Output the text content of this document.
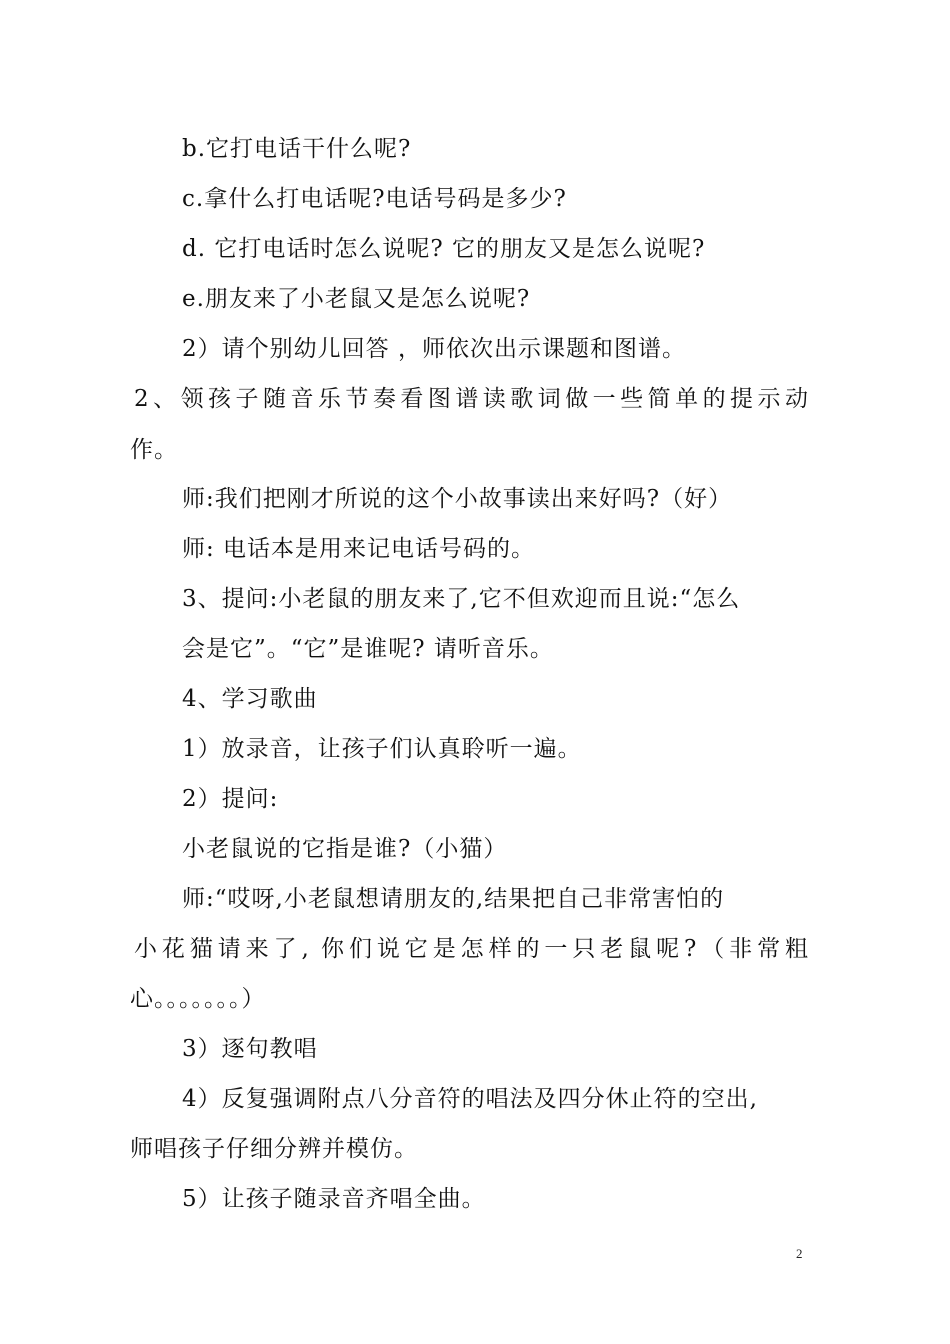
b.它打电话干什么呢?
c.拿什么打电话呢?电话号码是多少?
d. 它打电话时怎么说呢? 它的朋友又是怎么说呢?
e.朋友来了小老鼠又是怎么说呢?
2）请个别幼儿回答 ，师依次出示课题和图谱。
2、领孩子随音乐节奏看图谱读歌词做一些简单的提示动
作。
师:我们把刚才所说的这个小故事读出来好吗?（好）
师: 电话本是用来记电话号码的。
3、提问:小老鼠的朋友来了,它不但欢迎而且说:“怎么
会是它”。“它”是谁呢? 请听音乐。
4、学习歌曲
1）放录音，让孩子们认真聆听一遍。
2）提问:
小老鼠说的它指是谁?（小猫）
师:“哎呀,小老鼠想请朋友的,结果把自己非常害怕的
小花猫请来了, 你们说它是怎样的一只老鼠呢?（非常粗
心。。。。。。。）
3）逐句教唱
4）反复强调附点八分音符的唱法及四分休止符的空出,
师唱孩子仔细分辨并模仿。
5）让孩子随录音齐唱全曲。
2
